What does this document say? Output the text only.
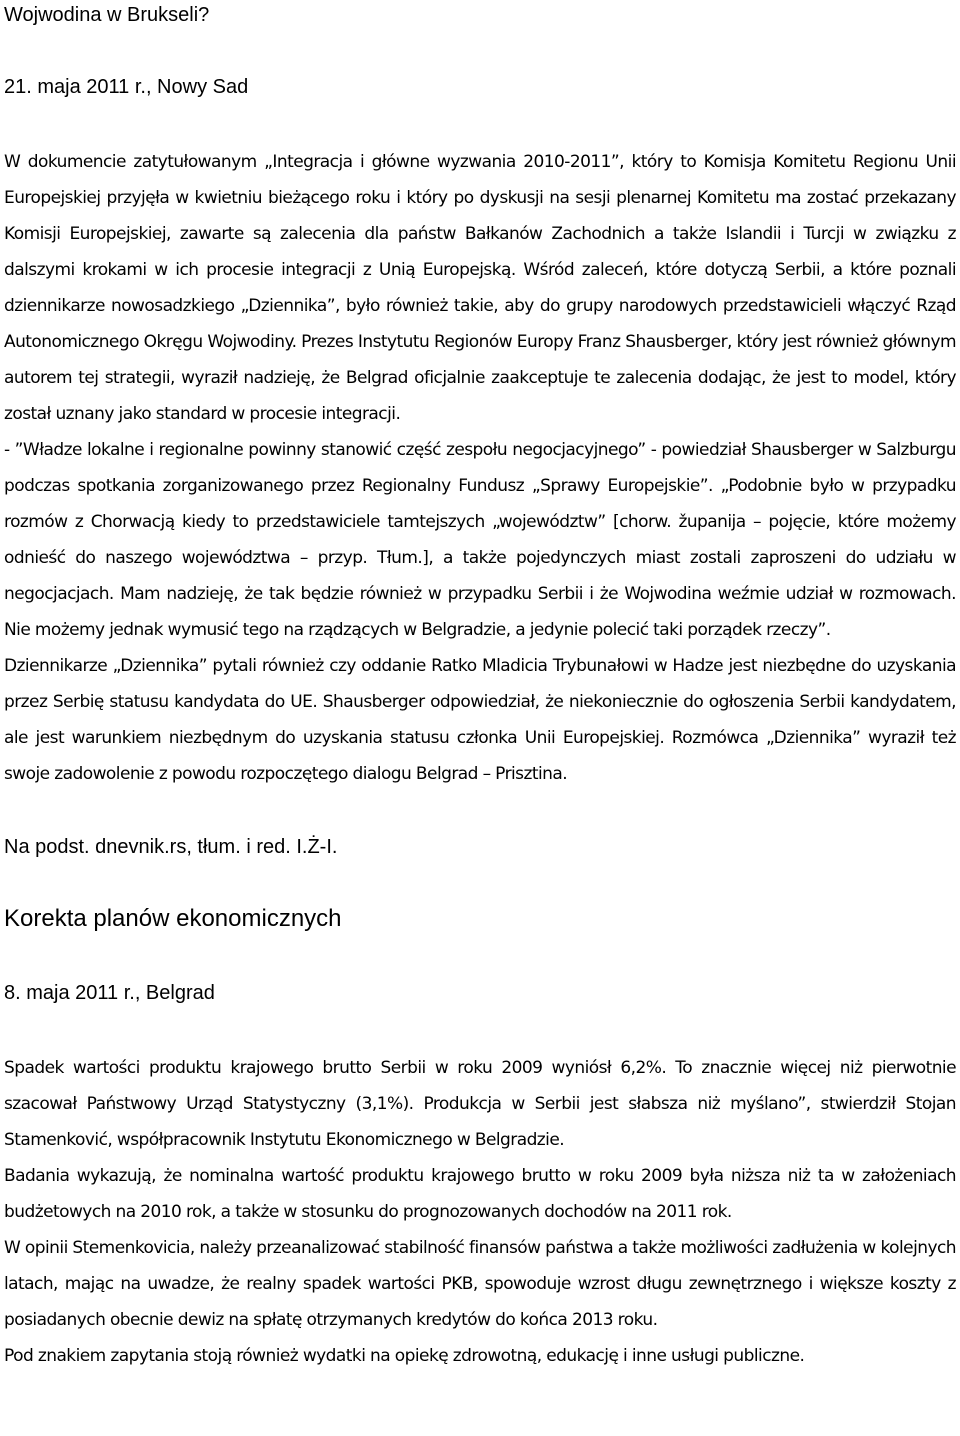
Wojwodina w Brukseli?
21. maja 2011 r., Nowy Sad

W dokumencie zatytułowanym „Integracja i główne wyzwania 2010-2011”, który to Komisja Komitetu Regionu Unii Europejskiej przyjęła w kwietniu bieżącego roku i który po dyskusji na sesji plenarnej Komitetu ma zostać przekazany Komisji Europejskiej, zawarte są zalecenia dla państw Bałkanów Zachodnich a także Islandii i Turcji w związku z dalszymi krokami w ich procesie integracji z Unią Europejską. Wśród zaleceń, które dotyczą Serbii, a które poznali dziennikarze nowosadzkiego „Dziennika”, było również takie, aby do grupy narodowych przedstawicieli włączyć Rząd Autonomicznego Okręgu Wojwodiny. Prezes Instytutu Regionów Europy Franz Shausberger, który jest również głównym autorem tej strategii, wyraził nadzieję, że Belgrad oficjalnie zaakceptuje te zalecenia dodając, że jest to model, który został uznany jako standard w procesie integracji.

- ”Władze lokalne i regionalne powinny stanowić część zespołu negocjacyjnego” - powiedział Shausberger w Salzburgu podczas spotkania zorganizowanego przez Regionalny Fundusz „Sprawy Europejskie”. „Podobnie było w przypadku rozmów z Chorwacją kiedy to przedstawiciele tamtejszych „województw” [chorw. županija – pojęcie, które możemy odnieść do naszego województwa – przyp. Tłum.], a także pojedynczych miast zostali zaproszeni do udziału w negocjacjach. Mam nadzieję, że tak będzie również w przypadku Serbii i że Wojwodina weźmie udział w rozmowach. Nie możemy jednak wymusić tego na rządzących w Belgradzie, a jedynie polecić taki porządek rzeczy”.

Dziennikarze „Dziennika” pytali również czy oddanie Ratko Mladicia Trybunałowi w Hadze jest niezbędne do uzyskania przez Serbię statusu kandydata do UE. Shausberger odpowiedział, że niekoniecznie do ogłoszenia Serbii kandydatem, ale jest warunkiem niezbędnym do uzyskania statusu członka Unii Europejskiej. Rozmówca „Dziennika” wyraził też swoje zadowolenie z powodu rozpoczętego dialogu Belgrad – Prisztina.

Na podst. dnevnik.rs, tłum. i red. I.Ż-I.
Korekta planów ekonomicznych
8. maja 2011 r., Belgrad

Spadek wartości produktu krajowego brutto Serbii w roku 2009 wyniósł 6,2%. To znacznie więcej niż pierwotnie szacował Państwowy Urząd Statystyczny (3,1%). Produkcja w Serbii jest słabsza niż myślano”, stwierdził Stojan Stamenković, współpracownik Instytutu Ekonomicznego w Belgradzie.

Badania wykazują, że nominalna wartość produktu krajowego brutto w roku 2009 była niższa niż ta w założeniach budżetowych na 2010 rok, a także w stosunku do prognozowanych dochodów na 2011 rok.

W opinii Stemenkovicia, należy przeanalizować stabilność finansów państwa a także możliwości zadłużenia w kolejnych latach, mając na uwadze, że realny spadek wartości PKB, spowoduje wzrost długu zewnętrznego i większe koszty z posiadanych obecnie dewiz na spłatę otrzymanych kredytów do końca 2013 roku.

Pod znakiem zapytania stoją również wydatki na opiekę zdrowotną, edukację i inne usługi publiczne.
